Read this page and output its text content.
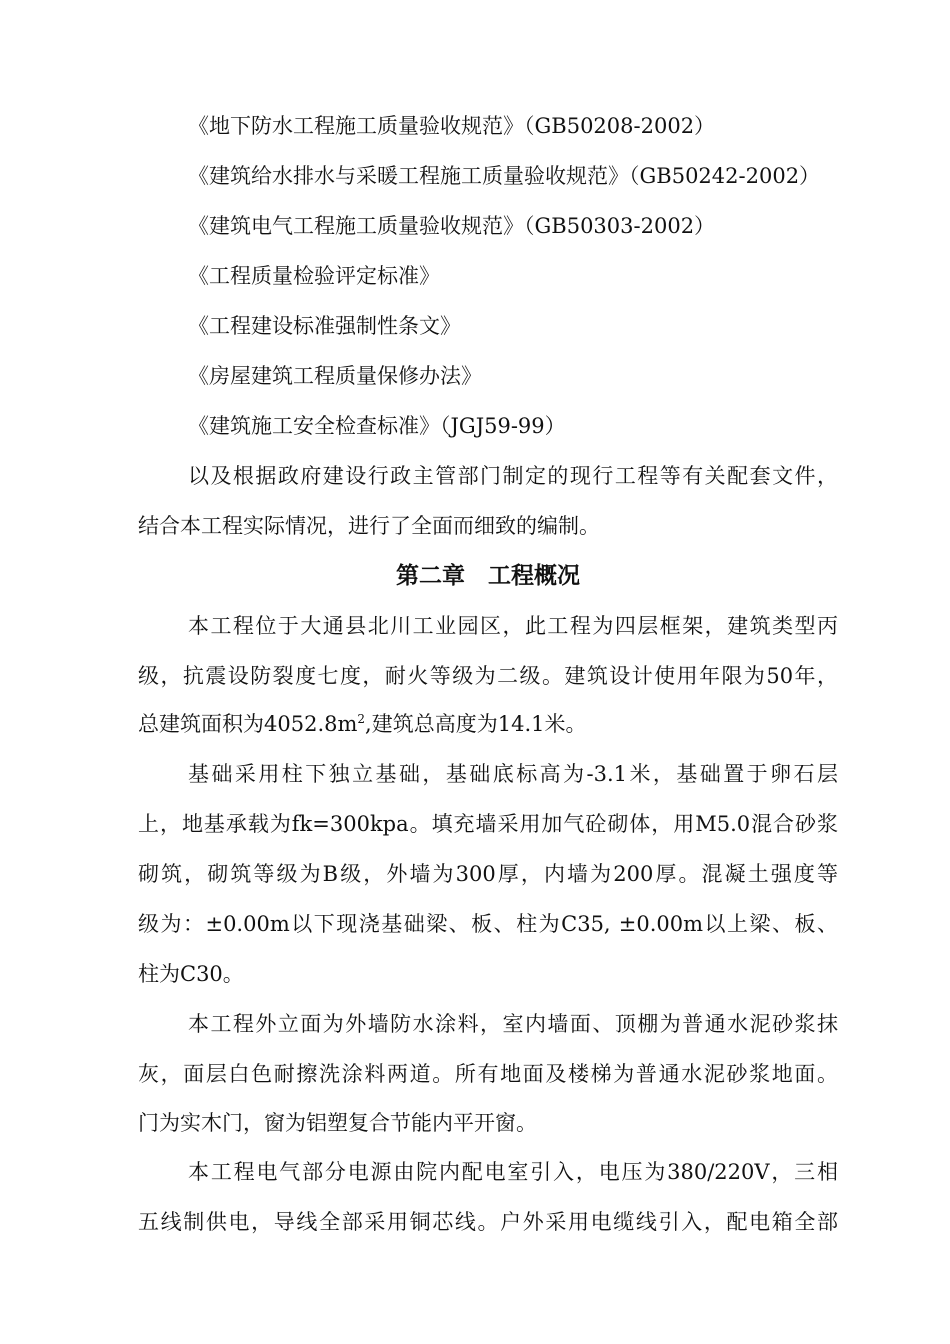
《地下防水工程施工质量验收规范》（GB50208-2002）
《建筑给水排水与采暖工程施工质量验收规范》（GB50242-2002）
《建筑电气工程施工质量验收规范》（GB50303-2002）
《工程质量检验评定标准》
《工程建设标准强制性条文》
《房屋建筑工程质量保修办法》
《建筑施工安全检查标准》（JGJ59-99）
以及根据政府建设行政主管部门制定的现行工程等有关配套文件，
结合本工程实际情况，进行了全面而细致的编制。
第二章　工程概况
本工程位于大通县北川工业园区，此工程为四层框架，建筑类型丙
级，抗震设防裂度七度，耐火等级为二级。建筑设计使用年限为50年，
总建筑面积为$4052.8m^2$,建筑总高度为14.1米。
基础采用柱下独立基础，基础底标高为-3.1米，基础置于卵石层
上，地基承载为fk=300kpa。填充墙采用加气砼砌体，用M5.0混合砂浆
砌筑，砌筑等级为B级，外墙为300厚，内墙为200厚。混凝土强度等
级为：±0.00m以下现浇基础梁、板、柱为C35, ±0.00m以上梁、板、
柱为C30。
本工程外立面为外墙防水涂料，室内墙面、顶棚为普通水泥砂浆抹
灰，面层白色耐擦洗涂料两道。所有地面及楼梯为普通水泥砂浆地面。
门为实木门，窗为铝塑复合节能内平开窗。
本工程电气部分电源由院内配电室引入，电压为380/220V，三相
五线制供电，导线全部采用铜芯线。户外采用电缆线引入，配电箱全部
